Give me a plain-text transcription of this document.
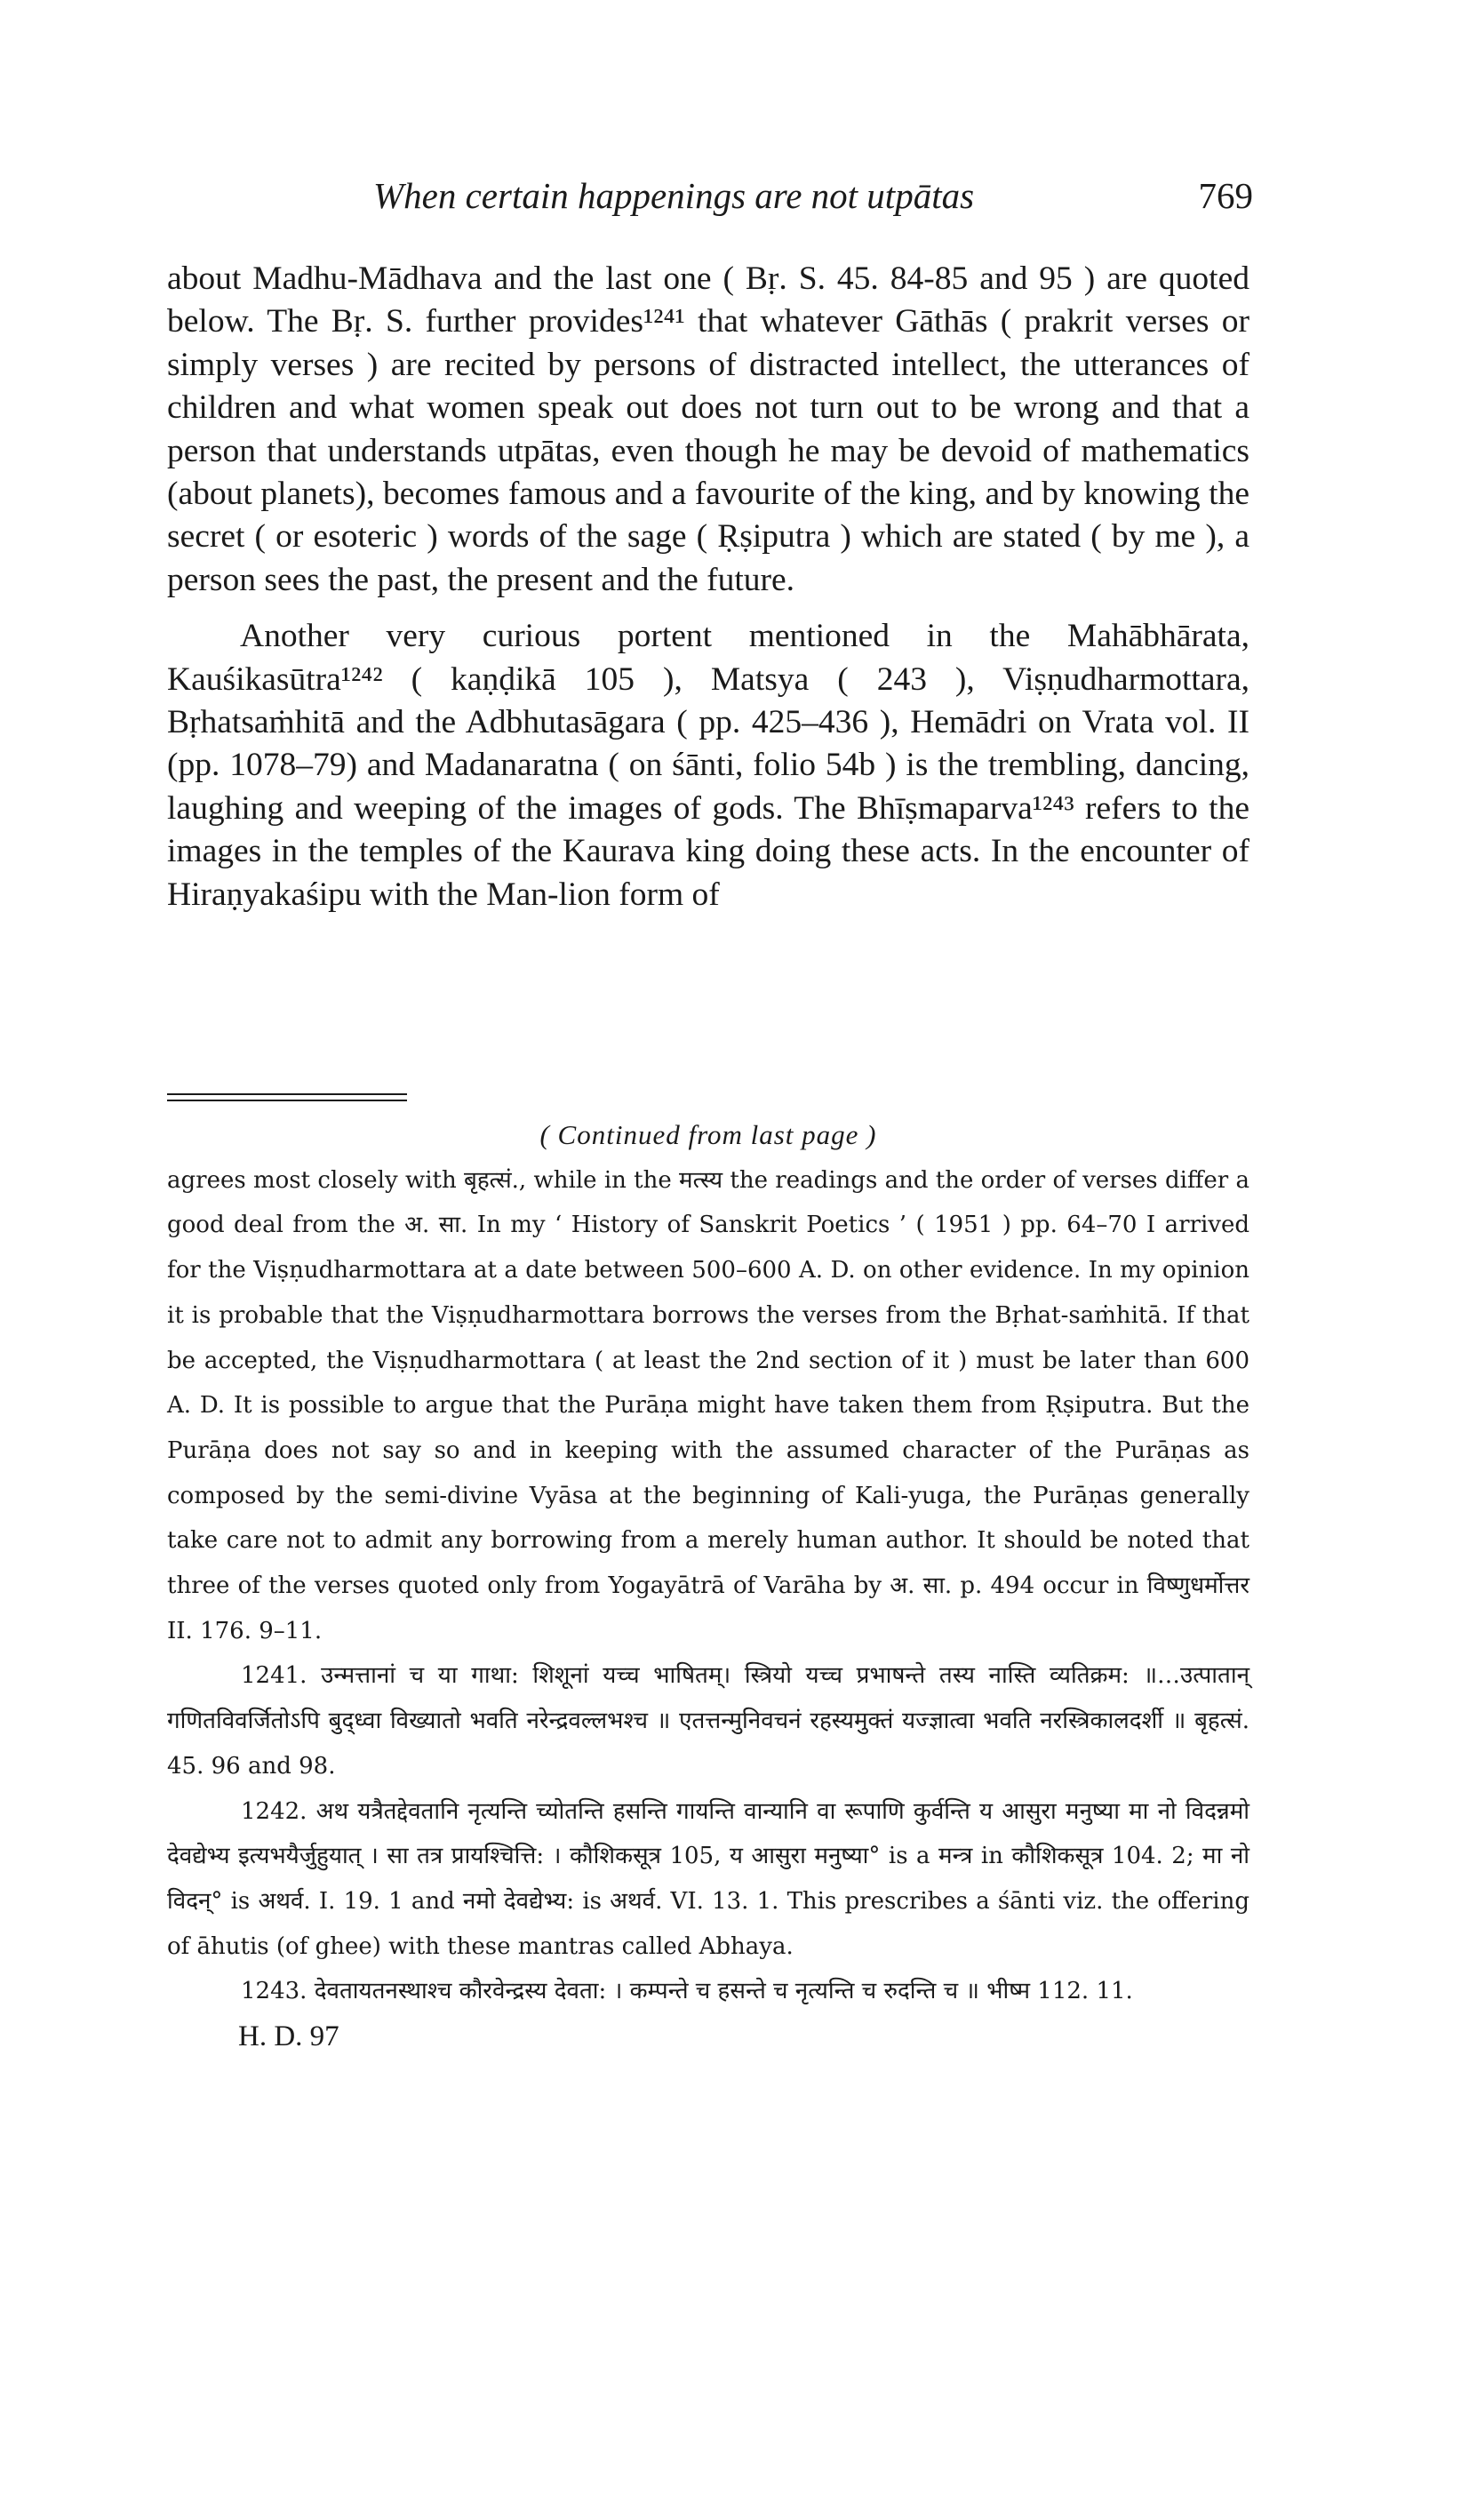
When certain happenings are not utpātas	769

about Madhu-Mādhava and the last one ( Bṛ. S. 45. 84-85 and 95 ) are quoted below. The Bṛ. S. further provides¹²⁴¹ that whatever Gāthās ( prakrit verses or simply verses ) are recited by persons of distracted intellect, the utterances of children and what women speak out does not turn out to be wrong and that a person that understands utpātas, even though he may be devoid of mathematics (about planets), becomes famous and a favourite of the king, and by knowing the secret ( or esoteric ) words of the sage ( Ṛṣiputra ) which are stated ( by me ), a person sees the past, the present and the future.

Another very curious portent mentioned in the Mahābhārata, Kauśikasūtra¹²⁴² ( kaṇḍikā 105 ), Matsya ( 243 ), Viṣṇudharmottara, Bṛhatsaṁhitā and the Adbhutasāgara ( pp. 425–436 ), Hemādri on Vrata vol. II (pp. 1078–79) and Madanaratna ( on śānti, folio 54b ) is the trembling, dancing, laughing and weeping of the images of gods. The Bhīṣmaparva¹²⁴³ refers to the images in the temples of the Kaurava king doing these acts. In the encounter of Hiraṇyakaśipu with the Man-lion form of

( Continued from last page )

agrees most closely with बृहत्सं., while in the मत्स्य the readings and the order of verses differ a good deal from the अ. सा. In my ‘ History of Sanskrit Poetics ’ ( 1951 ) pp. 64–70 I arrived for the Viṣṇudharmottara at a date between 500–600 A. D. on other evidence. In my opinion it is probable that the Viṣṇudharmottara borrows the verses from the Bṛhat-saṁhitā. If that be accepted, the Viṣṇudharmottara ( at least the 2nd section of it ) must be later than 600 A. D. It is possible to argue that the Purāṇa might have taken them from Ṛṣiputra. But the Purāṇa does not say so and in keeping with the assumed character of the Purāṇas as composed by the semi-divine Vyāsa at the beginning of Kali-yuga, the Purāṇas generally take care not to admit any borrowing from a merely human author. It should be noted that three of the verses quoted only from Yogayātrā of Varāha by अ. सा. p. 494 occur in विष्णुधर्मोत्तर II. 176. 9–11.

1241. उन्मत्तानां च या गाथा: शिशूनां यच्च भाषितम्। स्त्रियो यच्च प्रभाषन्ते तस्य नास्ति व्यतिक्रम: ॥…उत्पातान् गणितविवर्जितोऽपि बुद्ध्वा विख्यातो भवति नरेन्द्रवल्लभश्च ॥ एतत्तन्मुनिवचनं रहस्यमुक्तं यज्ज्ञात्वा भवति नरस्त्रिकालदर्शी ॥ बृहत्सं. 45. 96 and 98.

1242. अथ यत्रैतद्देवतानि नृत्यन्ति च्योतन्ति हसन्ति गायन्ति वान्यानि वा रूपाणि कुर्वन्ति य आसुरा मनुष्या मा नो विदन्नमो देवद्येभ्य इत्यभयैर्जुहुयात् । सा तत्र प्रायश्चित्ति: । कौशिकसूत्र 105, य आसुरा मनुष्या° is a मन्त्र in कौशिकसूत्र 104. 2; मा नो विदन्° is अथर्व. I. 19. 1 and नमो देवद्येभ्य: is अथर्व. VI. 13. 1. This prescribes a śānti viz. the offering of āhutis (of ghee) with these mantras called Abhaya.

1243. देवतायतनस्थाश्च कौरवेन्द्रस्य देवता: । कम्पन्ते च हसन्ते च नृत्यन्ति च रुदन्ति च ॥ भीष्म 112. 11.

H. D. 97
